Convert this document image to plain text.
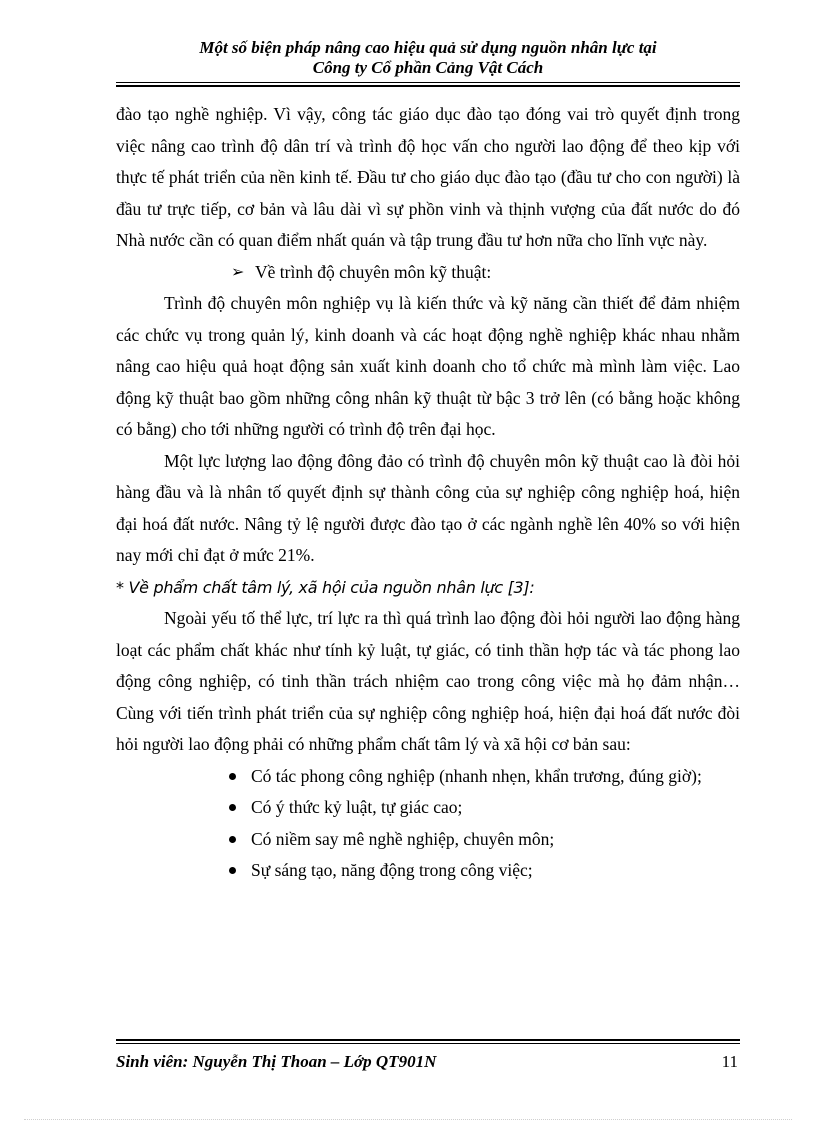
Một số biện pháp nâng cao hiệu quả sử dụng nguồn nhân lực tại
Công ty Cổ phần Cảng Vật Cách

đào tạo nghề nghiệp. Vì vậy, công tác giáo dục đào tạo đóng vai trò quyết định trong việc nâng cao trình độ dân trí và trình độ học vấn cho người lao động để theo kịp với thực tế phát triển của nền kinh tế. Đầu tư cho giáo dục đào tạo (đầu tư cho con người) là đầu tư trực tiếp, cơ bản và lâu dài vì sự phồn vinh và thịnh vượng của đất nước do đó Nhà nước cần có quan điểm nhất quán và tập trung đầu tư hơn nữa cho lĩnh vực này.

➢ Về trình độ chuyên môn kỹ thuật:

Trình độ chuyên môn nghiệp vụ là kiến thức và kỹ năng cần thiết để đảm nhiệm các chức vụ trong quản lý, kinh doanh và các hoạt động nghề nghiệp khác nhau nhằm nâng cao hiệu quả hoạt động sản xuất kinh doanh cho tổ chức mà mình làm việc. Lao động kỹ thuật bao gồm những công nhân kỹ thuật từ bậc 3 trở lên (có bằng hoặc không có bằng) cho tới những người có trình độ trên đại học.

Một lực lượng lao động đông đảo có trình độ chuyên môn kỹ thuật cao là đòi hỏi hàng đầu và là nhân tố quyết định sự thành công của sự nghiệp công nghiệp hoá, hiện đại hoá đất nước. Nâng tỷ lệ người được đào tạo ở các ngành nghề lên 40% so với hiện nay mới chỉ đạt ở mức 21%.

* Về phẩm chất tâm lý, xã hội của nguồn nhân lực [3]:

Ngoài yếu tố thể lực, trí lực ra thì quá trình lao động đòi hỏi người lao động hàng loạt các phẩm chất khác như tính kỷ luật, tự giác, có tinh thần hợp tác và tác phong lao động công nghiệp, có tinh thần trách nhiệm cao trong công việc mà họ đảm nhận… Cùng với tiến trình phát triển của sự nghiệp công nghiệp hoá, hiện đại hoá đất nước đòi hỏi người lao động phải có những phẩm chất tâm lý và xã hội cơ bản sau:

Có tác phong công nghiệp (nhanh nhẹn, khẩn trương, đúng giờ);
Có ý thức kỷ luật, tự giác cao;
Có niềm say mê nghề nghiệp, chuyên môn;
Sự sáng tạo, năng động trong công việc;
Sinh viên: Nguyễn Thị Thoan – Lớp QT901N	11
